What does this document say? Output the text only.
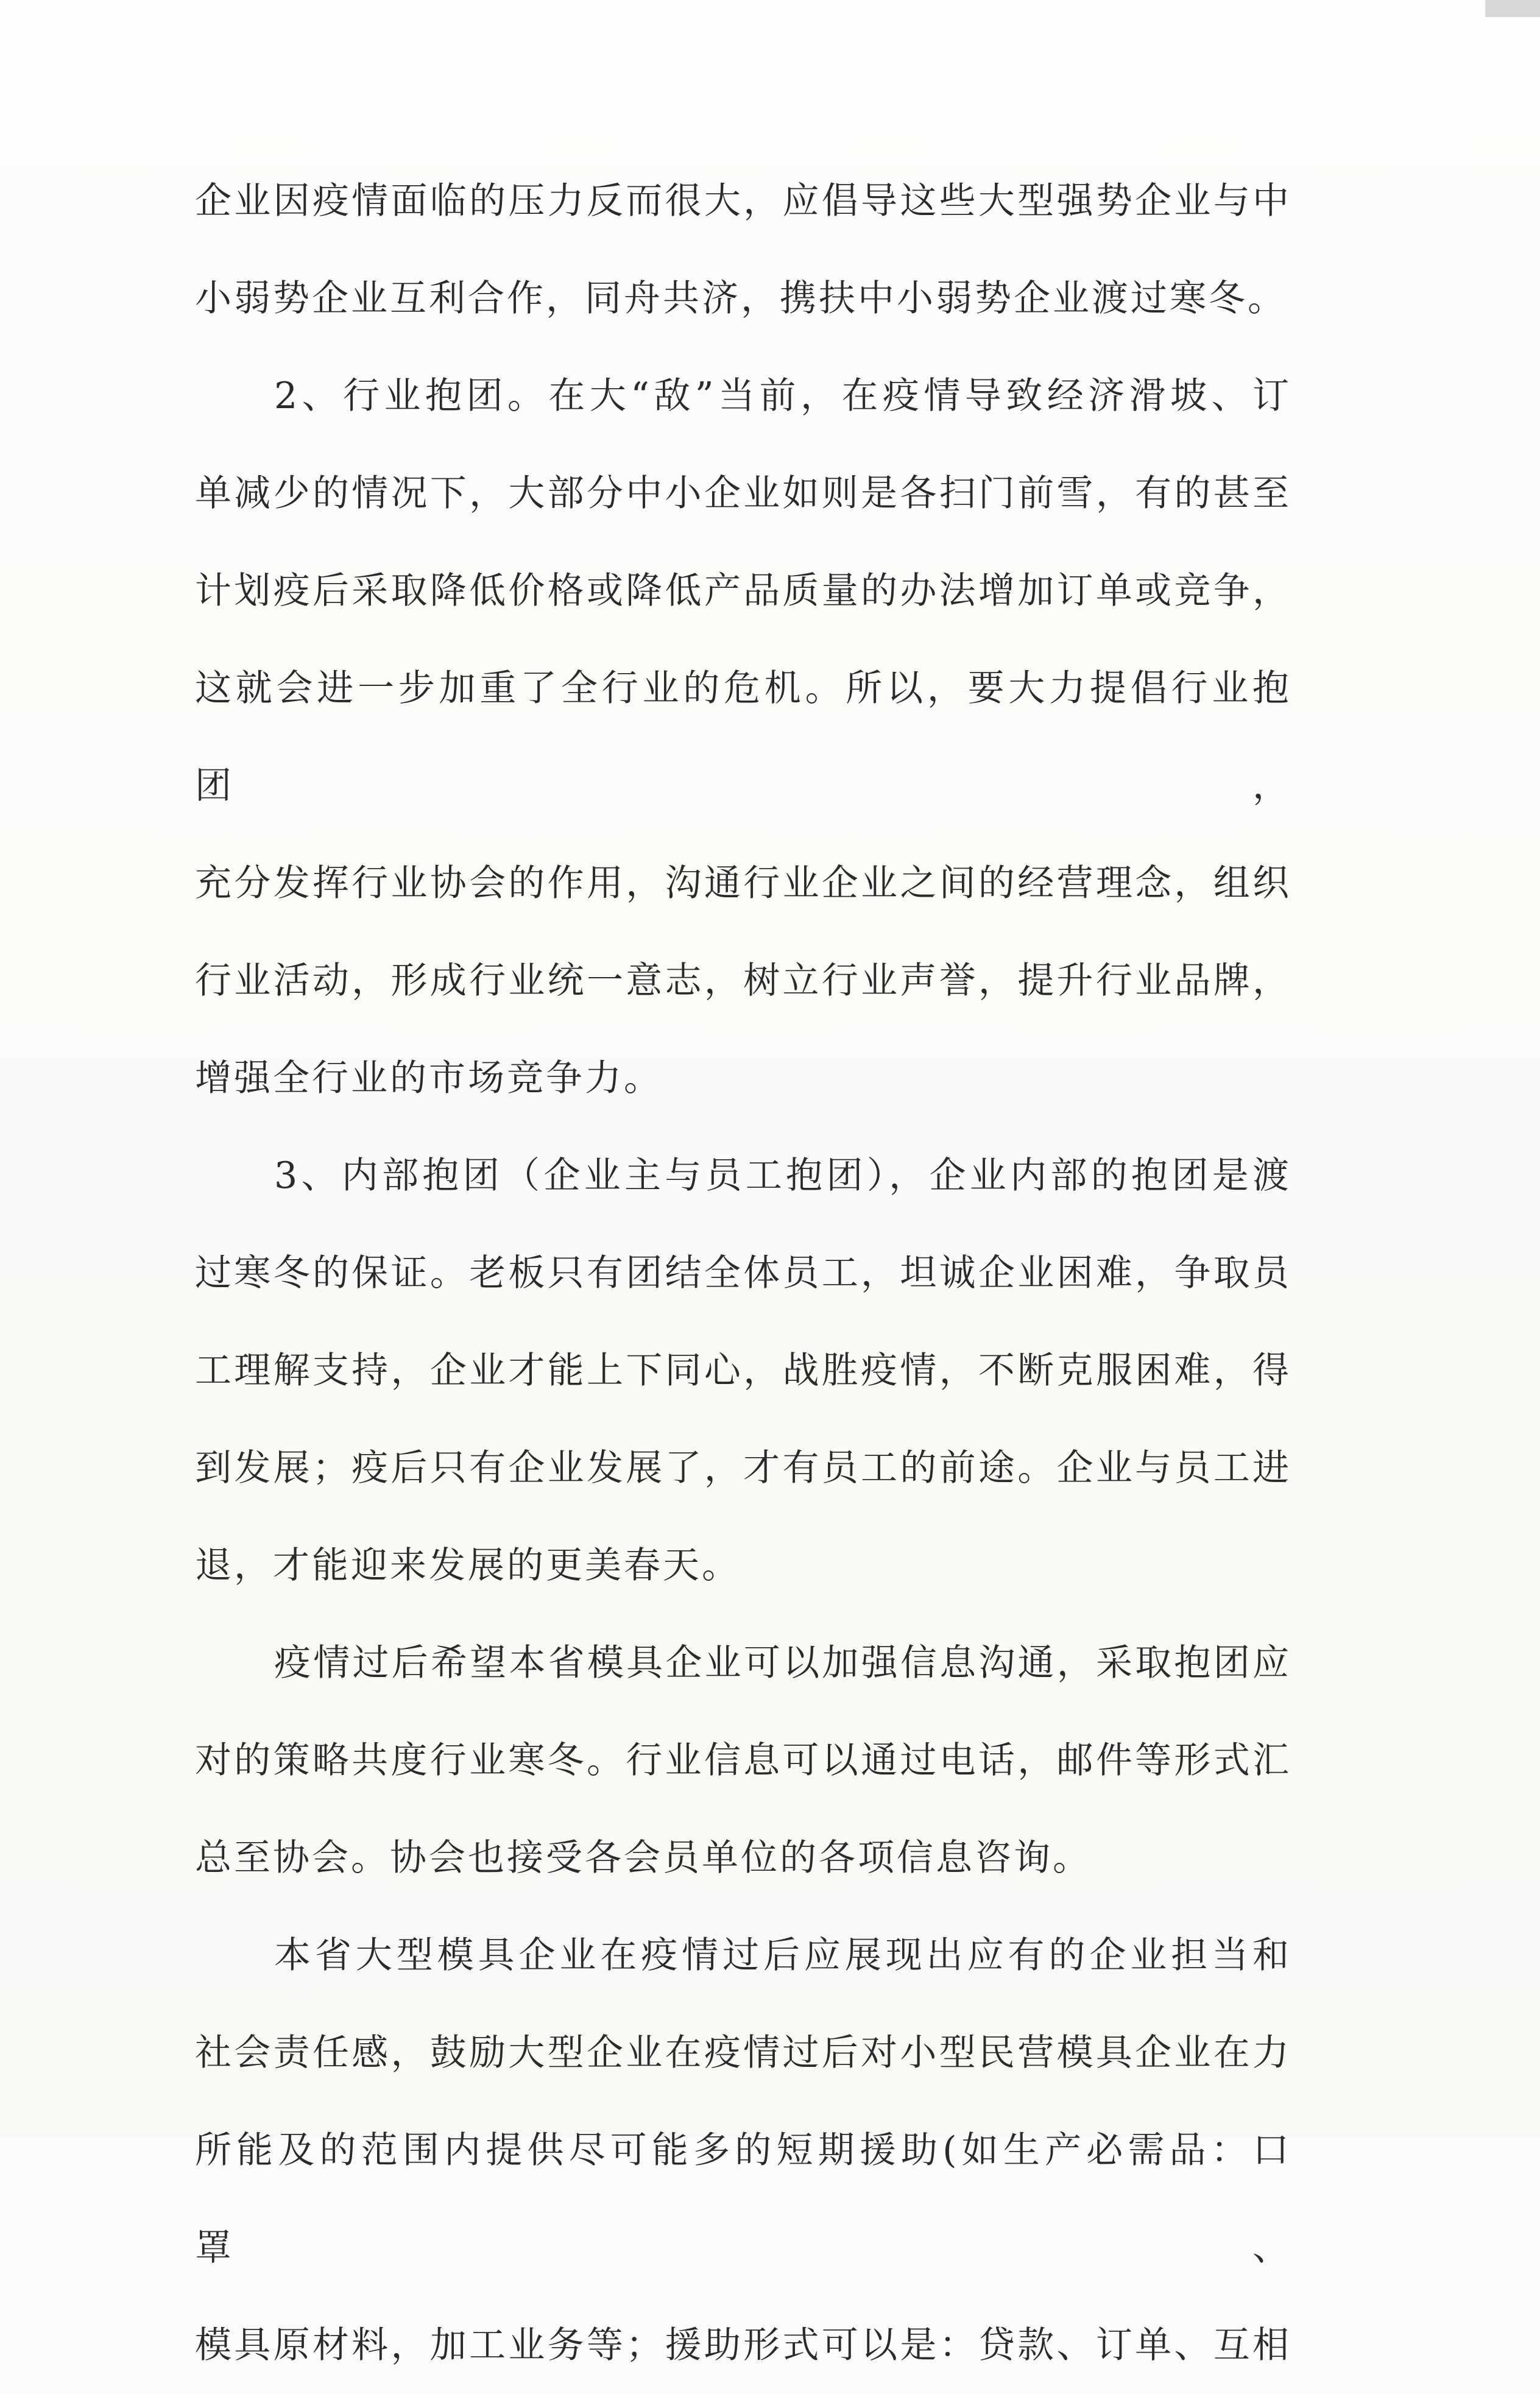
企业因疫情面临的压力反而很大，应倡导这些大型强势企业与中

小弱势企业互利合作，同舟共济，携扶中小弱势企业渡过寒冬。

2、行业抱团。在大“敌”当前，在疫情导致经济滑坡、订

单减少的情况下，大部分中小企业如则是各扫门前雪，有的甚至

计划疫后采取降低价格或降低产品质量的办法增加订单或竞争，

这就会进一步加重了全行业的危机。所以，要大力提倡行业抱团，

充分发挥行业协会的作用，沟通行业企业之间的经营理念，组织

行业活动，形成行业统一意志，树立行业声誉，提升行业品牌，

增强全行业的市场竞争力。

3、内部抱团（企业主与员工抱团），企业内部的抱团是渡

过寒冬的保证。老板只有团结全体员工，坦诚企业困难，争取员

工理解支持，企业才能上下同心，战胜疫情，不断克服困难，得

到发展；疫后只有企业发展了，才有员工的前途。企业与员工进

退，才能迎来发展的更美春天。

疫情过后希望本省模具企业可以加强信息沟通，采取抱团应

对的策略共度行业寒冬。行业信息可以通过电话，邮件等形式汇

总至协会。协会也接受各会员单位的各项信息咨询。

本省大型模具企业在疫情过后应展现出应有的企业担当和

社会责任感，鼓励大型企业在疫情过后对小型民营模具企业在力

所能及的范围内提供尽可能多的短期援助(如生产必需品：口罩、

模具原材料，加工业务等；援助形式可以是：贷款、订单、互相
